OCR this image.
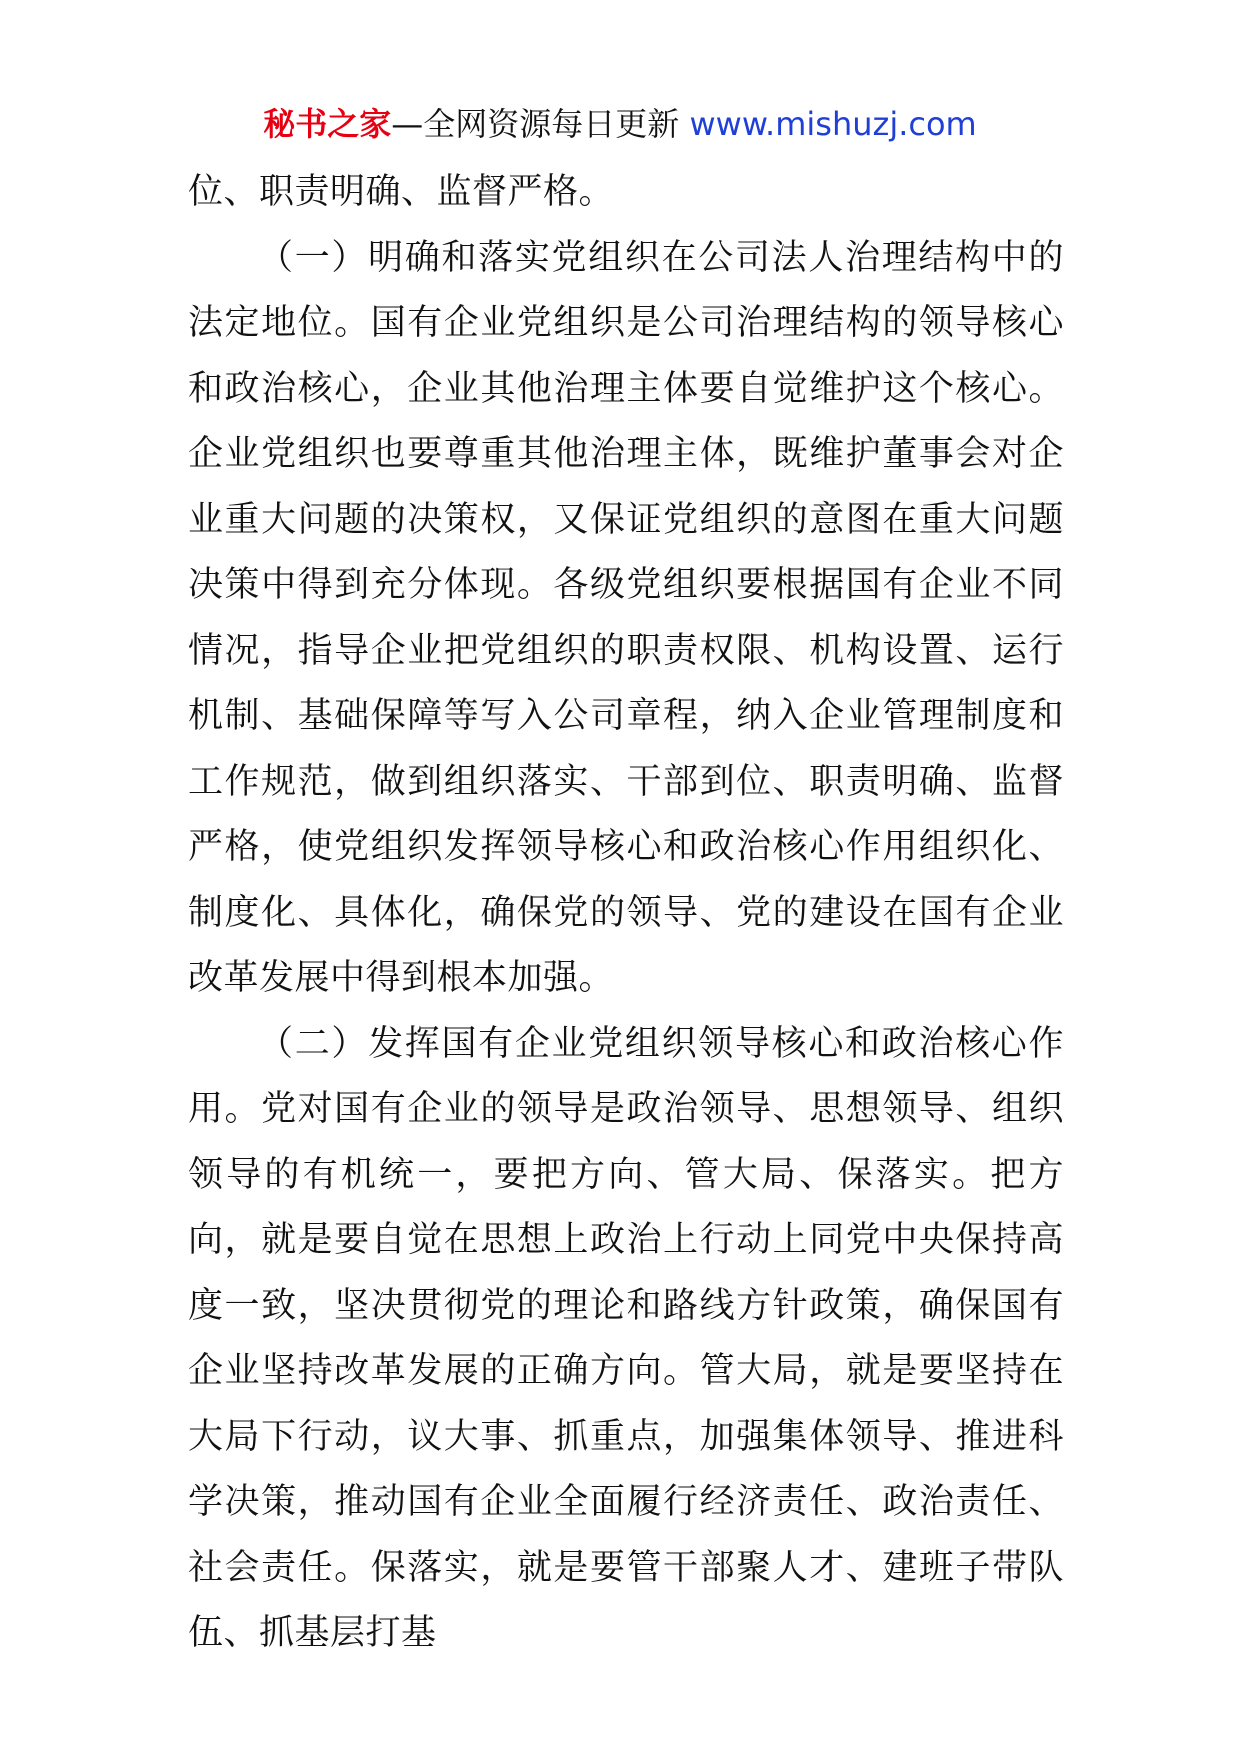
秘书之家—全网资源每日更新 www.mishuzj.com

位、职责明确、监督严格。

（一）明确和落实党组织在公司法人治理结构中的法定地位。国有企业党组织是公司治理结构的领导核心和政治核心，企业其他治理主体要自觉维护这个核心。企业党组织也要尊重其他治理主体，既维护董事会对企业重大问题的决策权，又保证党组织的意图在重大问题决策中得到充分体现。各级党组织要根据国有企业不同情况，指导企业把党组织的职责权限、机构设置、运行机制、基础保障等写入公司章程，纳入企业管理制度和工作规范，做到组织落实、干部到位、职责明确、监督严格，使党组织发挥领导核心和政治核心作用组织化、制度化、具体化，确保党的领导、党的建设在国有企业改革发展中得到根本加强。

（二）发挥国有企业党组织领导核心和政治核心作用。党对国有企业的领导是政治领导、思想领导、组织领导的有机统一，要把方向、管大局、保落实。把方向，就是要自觉在思想上政治上行动上同党中央保持高度一致，坚决贯彻党的理论和路线方针政策，确保国有企业坚持改革发展的正确方向。管大局，就是要坚持在大局下行动，议大事、抓重点，加强集体领导、推进科学决策，推动国有企业全面履行经济责任、政治责任、社会责任。保落实，就是要管干部聚人才、建班子带队伍、抓基层打基
